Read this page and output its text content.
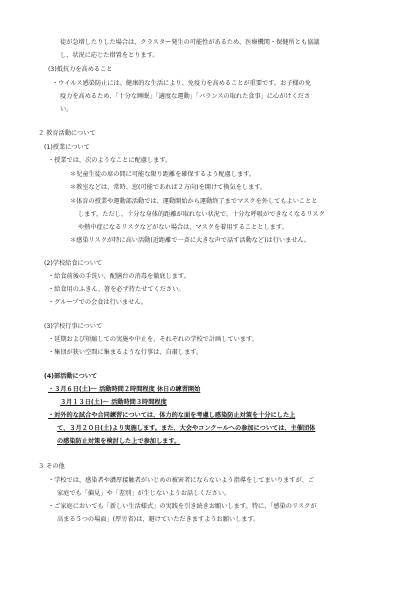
徒が急増したりした場合は、クラスター発生の可能性があるため、医療機関・保健所とも協議
し、状況に応じた措置をとります。
(3)抵抗力を高めること
・ウイルス感染防止には、健康的な生活により、免疫力を高めることが重要です。お子様の免
疫力を高めるため、「十分な睡眠」「適度な運動」「バランスの取れた食事」に心がけくださ
い。
２ 教育活動について
(1)授業について
・授業では、次のようなことに配慮します。
＊児童生徒の席の間に可能な限り距離を確保するよう配慮します。
＊教室などは、常時、窓(可能であれば２方向)を開けて換気をします。
＊体育の授業や運動部活動では、運動開始から運動終了までマスクを外してもよいことと
します。ただし、十分な身体的距離が取れない状況で、十分な呼吸ができなくなるリスク
や熱中症になるリスクなどがない場合は、マスクを着用することとします。
＊感染リスクが特に高い活動(近距離で一斉に大きな声で話す活動など)は行いません。
(2)学校給食について
・給食前後の手洗い、配膳台の消毒を徹底します。
・給食用のふきん、箸を必ず持たせてください。
・グループでの会食は行いません。
(3)学校行事について
・延期および短縮しての実施や中止を、それぞれの学校で計画しています。
・集団が狭い空間に集まるような行事は、自粛します。
(4)部活動について
・３月６日(土)～ 活動時間２時間程度 休日の練習開始
３月１３日(土)～ 活動時間３時間程度
・対外的な試合や合同練習については、体力的な面を考慮し感染防止対策を十分にした上
て、３月２０日(土)より実施します。また、大会やコンクールへの参加については、主催団体
の感染防止対策を検討した上で参加します。
３ その他
・学校では、感染者や濃厚接触者がいじめの被害者にならないよう指導をしてまいりますが、ご
家庭でも「偏見」や「差別」が生じないようお話しください。
・ご家庭においても「新しい生活様式」の実践を引き続きお願いします。特に、「感染のリスクが
高まる５つの場面」(厚労省)は、避けていただきますようお願いします。
